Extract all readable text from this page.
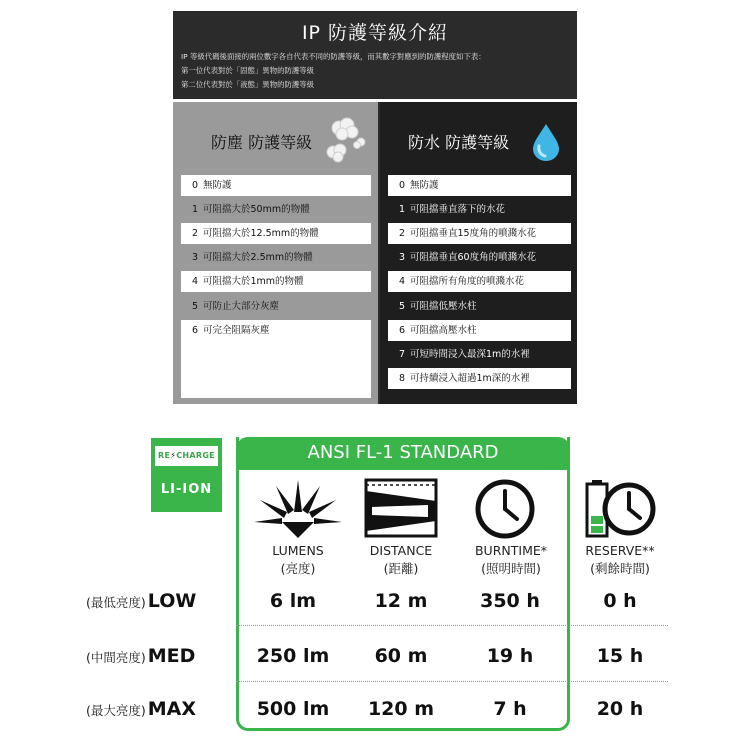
IP 防護等級介紹
IP 等級代碼後面接的兩位數字各自代表不同的防護等級，而其數字對應到的防護程度如下表：
第一位代表對於「固態」異物的防護等級
第二位代表對於「液態」異物的防護等級
防塵 防護等級
0 無防護
1 可阻擋大於50mm的物體
2 可阻擋大於12.5mm的物體
3 可阻擋大於2.5mm的物體
4 可阻擋大於1mm的物體
5 可防止大部分灰塵
6 可完全阻隔灰塵
防水 防護等級
0 無防護
1 可阻擋垂直落下的水花
2 可阻擋垂直15度角的噴濺水花
3 可阻擋垂直60度角的噴濺水花
4 可阻擋所有角度的噴濺水花
5 可阻擋低壓水柱
6 可阻擋高壓水柱
7 可短時間浸入最深1m的水裡
8 可持續浸入超過1m深的水裡
RE⚡CHARGE
LI-ION
ANSI FL-1 STANDARD
LUMENS
(亮度)
DISTANCE
(距離)
BURNTIME*
(照明時間)
RESERVE**
(剩餘時間)
(最低亮度) LOW	6 lm	12 m	350 h	0 h
(中間亮度) MED	250 lm	60 m	19 h	15 h
(最大亮度) MAX	500 lm	120 m	7 h	20 h
